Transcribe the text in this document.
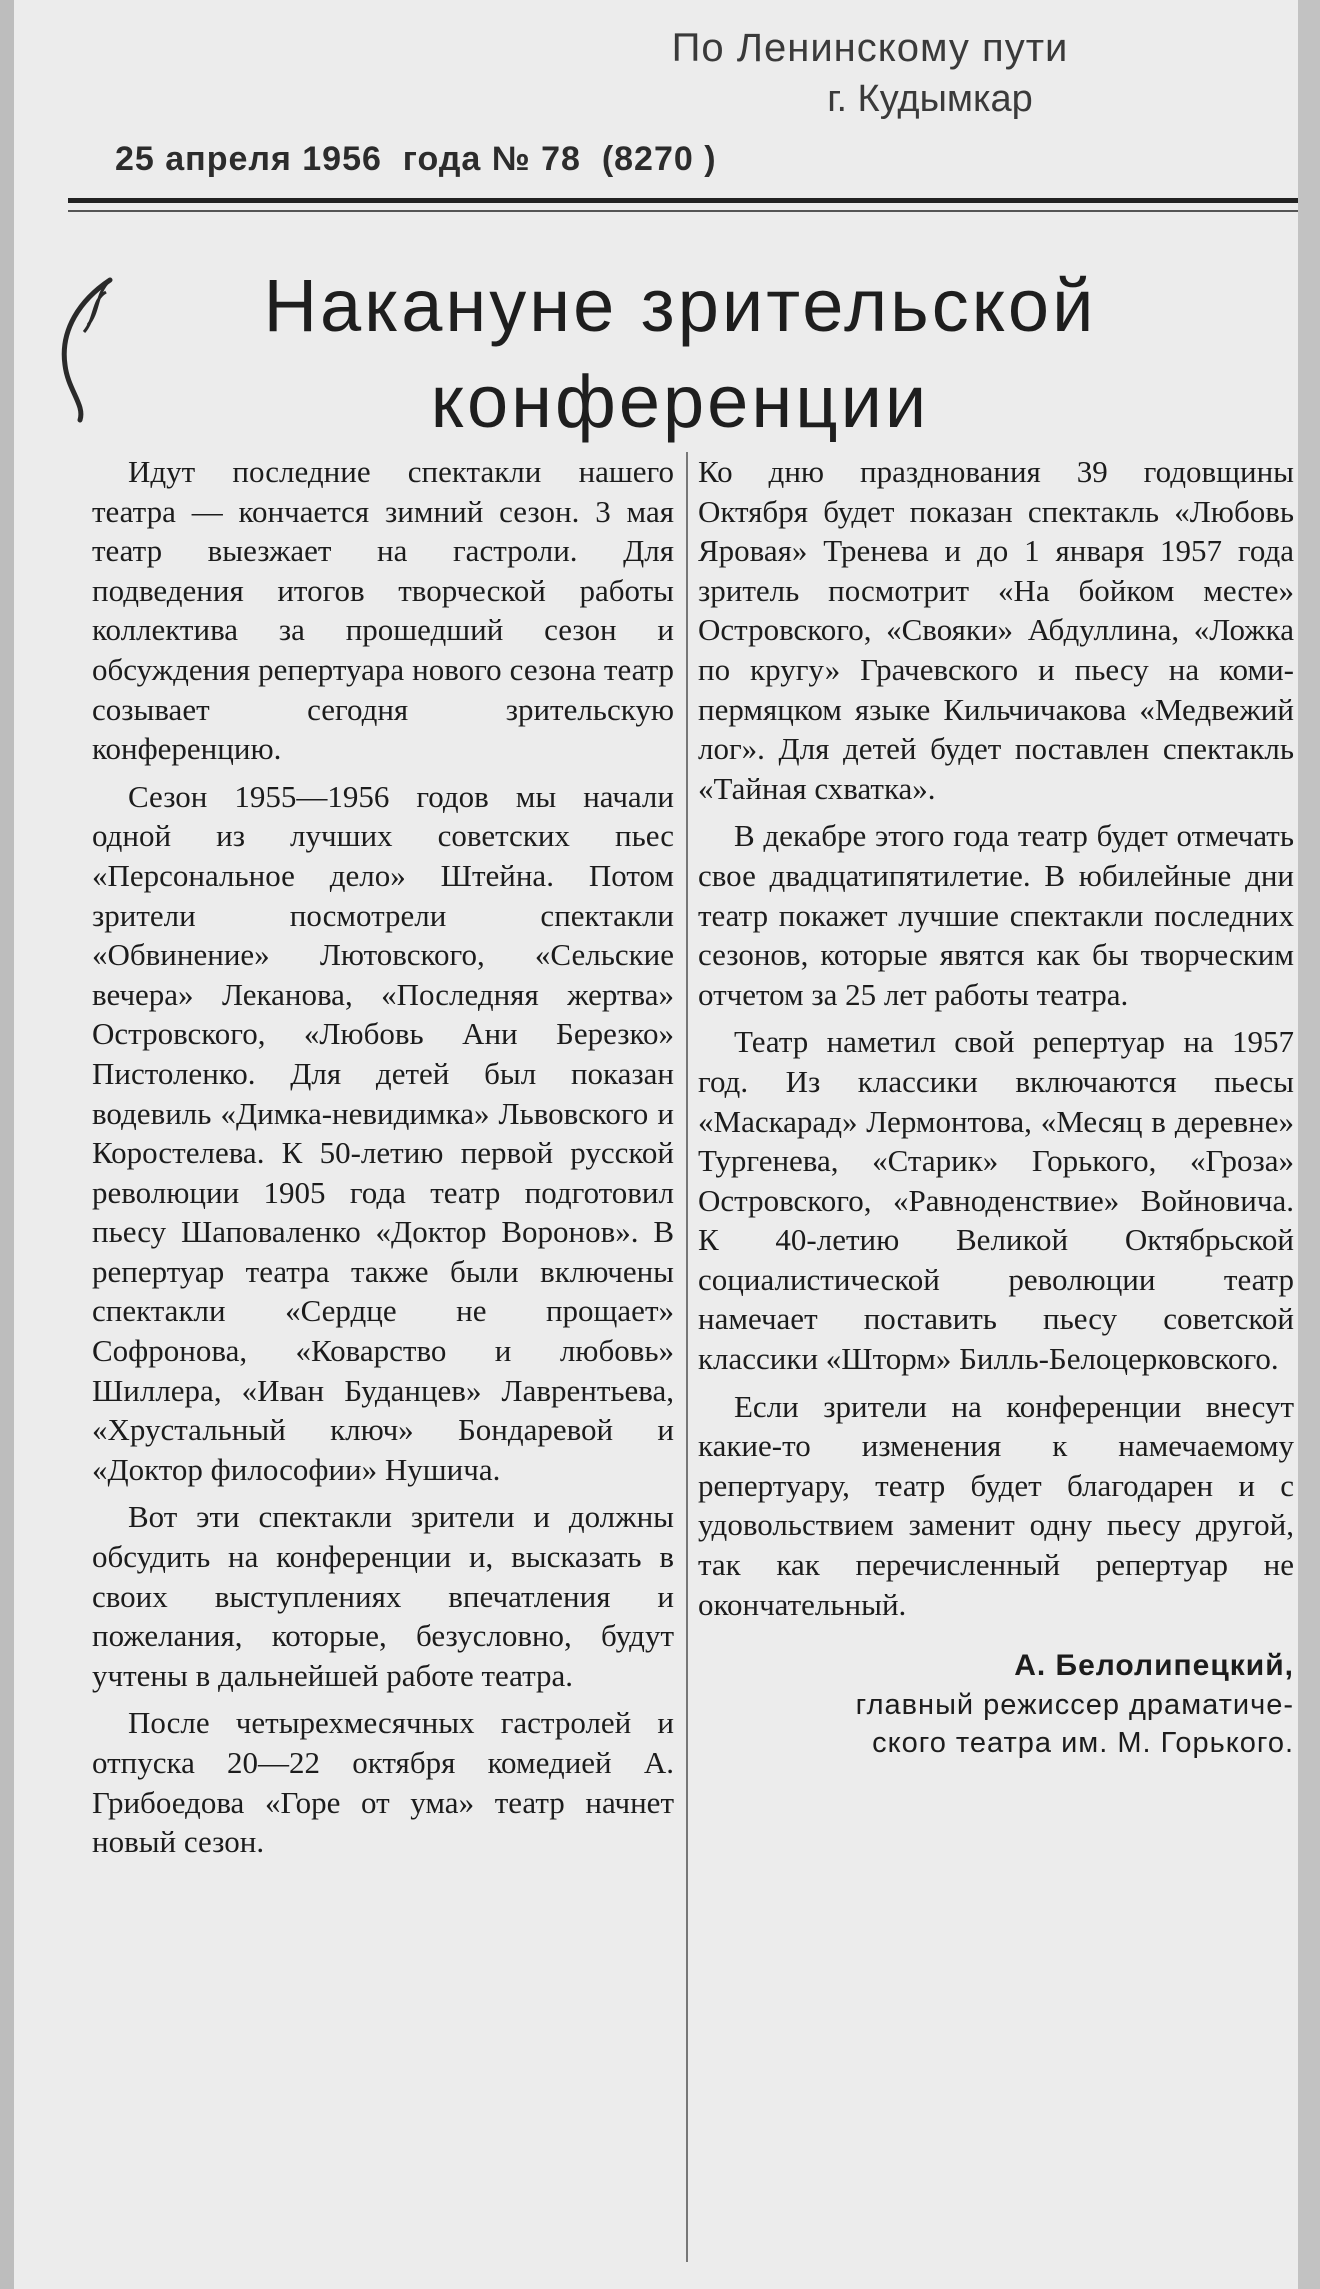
По Ленинскому пути
г. Кудымкар
25 апреля 1956  года № 78  (8270 )
Накануне зрительской
конференции

Идут последние спектакли нашего театра — кончается зимний сезон. 3 мая театр выезжает на гастроли. Для подведения итогов творческой работы коллектива за прошедший сезон и обсуждения репертуара нового сезона театр созывает сегодня зрительскую конференцию.

Сезон 1955—1956 годов мы начали одной из лучших советских пьес «Персональное дело» Штейна. Потом зрители посмотрели спектакли «Обвинение» Лютовского, «Сельские вечера» Леканова, «Последняя жертва» Островского, «Любовь Ани Березко» Пистоленко. Для детей был показан водевиль «Димка-невидимка» Львовского и Коростелева. К 50-летию первой русской революции 1905 года театр подготовил пьесу Шаповаленко «Доктор Воронов». В репертуар театра также были включены спектакли «Сердце не прощает» Софронова, «Коварство и любовь» Шиллера, «Иван Буданцев» Лаврентьева, «Хрустальный ключ» Бондаревой и «Доктор философии» Нушича.

Вот эти спектакли зрители и должны обсудить на конференции и, высказать в своих выступлениях впечатления и пожелания, которые, безусловно, будут учтены в дальнейшей работе театра.

После четырехмесячных гастролей и отпуска 20—22 октября комедией А. Грибоедова «Горе от ума» театр начнет новый сезон.

Ко дню празднования 39 годовщины Октября будет показан спектакль «Любовь Яровая» Тренева и до 1 января 1957 года зритель посмотрит «На бойком месте» Островского, «Свояки» Абдуллина, «Ложка по кругу» Грачевского и пьесу на коми-пермяцком языке Кильчичакова «Медвежий лог». Для детей будет поставлен спектакль «Тайная схватка».

В декабре этого года театр будет отмечать свое двадцатипятилетие. В юбилейные дни театр покажет лучшие спектакли последних сезонов, которые явятся как бы творческим отчетом за 25 лет работы театра.

Театр наметил свой репертуар на 1957 год. Из классики включаются пьесы «Маскарад» Лермонтова, «Месяц в деревне» Тургенева, «Старик» Горького, «Гроза» Островского, «Равноденствие» Войновича. К 40-летию Великой Октябрьской социалистической революции театр намечает поставить пьесу советской классики «Шторм» Билль-Белоцерковского.

Если зрители на конференции внесут какие-то изменения к намечаемому репертуару, театр будет благодарен и с удовольствием заменит одну пьесу другой, так как перечисленный репертуар не окончательный.

А. Белолипецкий,
главный режиссер драматиче-
ского театра им. М. Горького.
